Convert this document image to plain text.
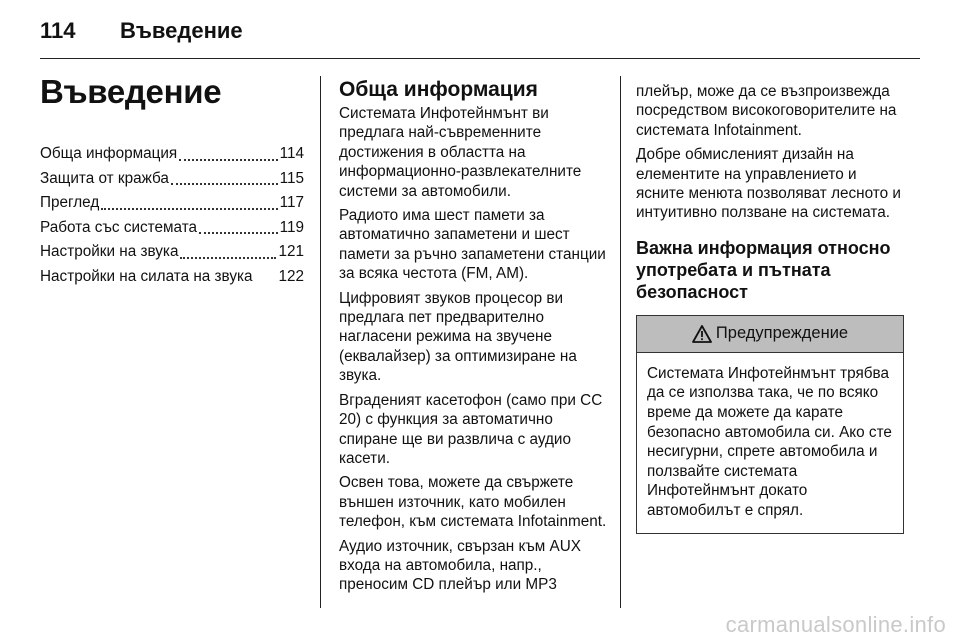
114	Въведение
Въведение
Обща информация	114
Защита от кражба	115
Преглед	117
Работа със системата	119
Настройки на звука	121
Настройки на силата на звука 122
Обща информация

Системата Инфотейнмънт ви предлага най-съвременните достижения в областта на информационно-развлекателните системи за автомобили.

Радиото има шест памети за автоматично запаметени и шест памети за ръчно запаметени станции за всяка честота (FM, AM).

Цифровият звуков процесор ви предлага пет предварително нагласени режима на звучене (еквалайзер) за оптимизиране на звука.

Вграденият касетофон (само при CC 20) с функция за автоматично спиране ще ви развлича с аудио касети.

Освен това, можете да свържете външен източник, като мобилен телефон, към системата Infotainment.

Аудио източник, свързан към AUX входа на автомобила, напр., преносим CD плейър или MP3

плейър, може да се възпроизвежда посредством високоговорителите на системата Infotainment.

Добре обмисленият дизайн на елементите на управлението и ясните менюта позволяват лесното и интуитивно ползване на системата.

Важна информация относно употребата и пътната безопасност
Предупреждение
Системата Инфотейнмънт трябва да се използва така, че по всяко време да можете да карате безопасно автомобила си. Ако сте несигурни, спрете автомобила и ползвайте системата Инфотейнмънт докато автомобилът е спрял.
carmanualsonline.info
